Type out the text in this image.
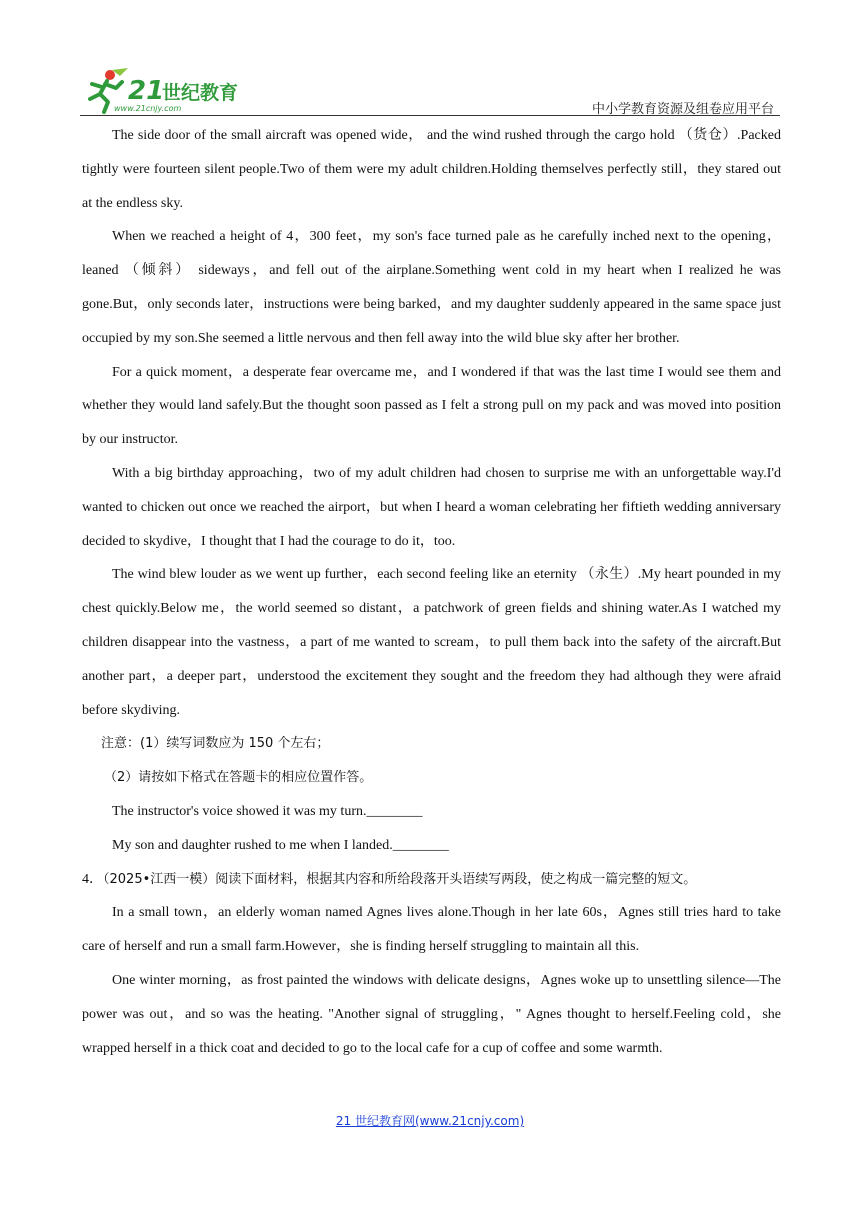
21
世纪教育
www.21cnjy.com	中小学教育资源及组卷应用平台

The side door of the small aircraft was opened wide， and the wind rushed through the cargo hold （货仓）.Packed tightly were fourteen silent people.Two of them were my adult children.Holding themselves perfectly still，they stared out at the endless sky.

When we reached a height of 4，300 feet，my son's face turned pale as he carefully inched next to the opening，leaned （倾斜） sideways，and fell out of the airplane.Something went cold in my heart when I realized he was gone.But，only seconds later，instructions were being barked，and my daughter suddenly appeared in the same space just occupied by my son.She seemed a little nervous and then fell away into the wild blue sky after her brother.

For a quick moment，a desperate fear overcame me，and I wondered if that was the last time I would see them and whether they would land safely.But the thought soon passed as I felt a strong pull on my pack and was moved into position by our instructor.

With a big birthday approaching，two of my adult children had chosen to surprise me with an unforgettable way.I'd wanted to chicken out once we reached the airport，but when I heard a woman celebrating her fiftieth wedding anniversary decided to skydive，I thought that I had the courage to do it，too.

The wind blew louder as we went up further，each second feeling like an eternity （永生）.My heart pounded in my chest quickly.Below me，the world seemed so distant，a patchwork of green fields and shining water.As I watched my children disappear into the vastness，a part of me wanted to scream，to pull them back into the safety of the aircraft.But another part，a deeper part，understood the excitement they sought and the freedom they had although they were afraid before skydiving.

注意：(1）续写词数应为 150 个左右；

（2）请按如下格式在答题卡的相应位置作答。

The instructor's voice showed it was my turn.________

My son and daughter rushed to me when I landed.________

4．（2025•江西一模）阅读下面材料，根据其内容和所给段落开头语续写两段，使之构成一篇完整的短文。

In a small town，an elderly woman named Agnes lives alone.Though in her late 60s，Agnes still tries hard to take care of herself and run a small farm.However，she is finding herself struggling to maintain all this.

One winter morning，as frost painted the windows with delicate designs，Agnes woke up to unsettling silence—The power was out，and so was the heating. "Another signal of struggling，" Agnes thought to herself.Feeling cold，she wrapped herself in a thick coat and decided to go to the local cafe for a cup of coffee and some warmth.

21 世纪教育网(www.21cnjy.com)
